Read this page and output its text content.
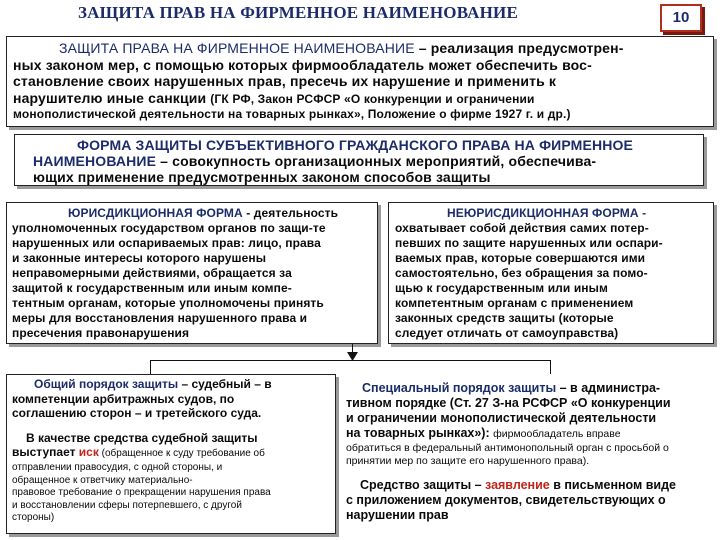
ЗАЩИТА ПРАВ НА ФИРМЕННОЕ НАИМЕНОВАНИЕ	10

ЗАЩИТА ПРАВА НА ФИРМЕННОЕ НАИМЕНОВАНИЕ – реализация предусмотрен-

ных законом мер, с помощью которых фирмообладатель может обеспечить вос-

становление своих нарушенных прав, пресечь их нарушение и применить к

нарушителю иные санкции (ГК РФ, Закон РСФСР «О конкуренции и ограничении

монополистической деятельности на товарных рынках», Положение о фирме 1927 г. и др.)

ФОРМА ЗАЩИТЫ СУБЪЕКТИВНОГО ГРАЖДАНСКОГО ПРАВА НА ФИРМЕННОЕ

НАИМЕНОВАНИЕ – совокупность организационных мероприятий, обеспечива-

ющих применение предусмотренных законом способов защиты

ЮРИСДИКЦИОННАЯ ФОРМА - деятельность

уполномоченных государством органов по защи-те

нарушенных или оспариваемых прав: лицо, права

и законные интересы которого нарушены

неправомерными действиями, обращается за

защитой к государственным или иным компе-

тентным органам, которые уполномочены принять

меры для восстановления нарушенного права и

пресечения правонарушения

НЕЮРИСДИКЦИОННАЯ ФОРМА -

охватывает собой действия самих потер-

певших по защите нарушенных или оспари-

ваемых прав, которые совершаются ими

самостоятельно, без обращения за помо-

щью к государственным или иным

компетентным органам с применением

законных средств защиты (которые

следует отличать от самоуправства)

Общий порядок защиты – судебный – в

компетенции арбитражных судов, по

соглашению сторон – и третейского суда.

В качестве средства судебной защиты

выступает иск (обращенное к суду требование об

отправлении правосудия, с одной стороны, и

обращенное к ответчику материально-

правовое требование о прекращении нарушения права

и восстановлении сферы потерпевшего, с другой

стороны)

Специальный порядок защиты – в администра-

тивном порядке (Ст. 27 З-на РСФСР «О конкуренции

и ограничении монополистической деятельности

на товарных рынках»): фирмообладатель вправе

обратиться в федеральный антимонопольный орган с просьбой о

принятии мер по защите его нарушенного права).

Средство защиты – заявление в письменном виде

с приложением документов, свидетельствующих о

нарушении прав
